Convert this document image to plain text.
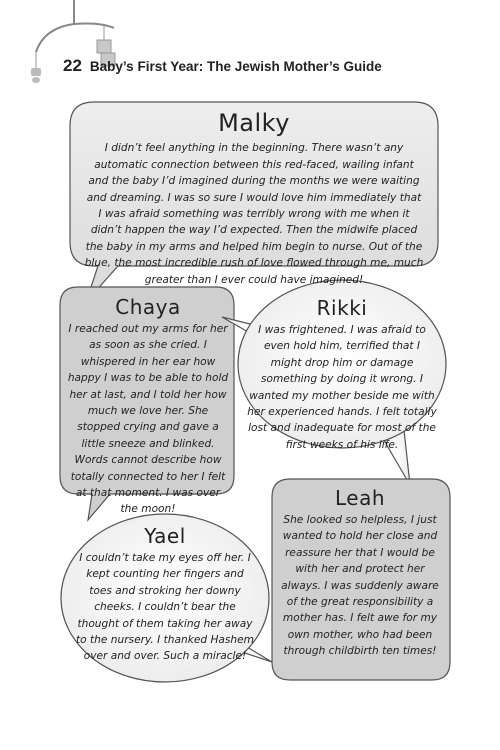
22 Baby’s First Year: The Jewish Mother’s Guide
Malky
I didn’t feel anything in the beginning. There wasn’t any automatic connection between this red-faced, wailing infant and the baby I’d imagined during the months we were waiting and dreaming. I was so sure I would love him immediately that I was afraid something was terribly wrong with me when it didn’t happen the way I’d expected. Then the midwife placed the baby in my arms and helped him begin to nurse. Out of the blue, the most incredible rush of love flowed through me, much greater than I ever could have imagined!
Chaya
I reached out my arms for her as soon as she cried. I whispered in her ear how happy I was to be able to hold her at last, and I told her how much we love her. She stopped crying and gave a little sneeze and blinked. Words cannot describe how totally connected to her I felt at that moment. I was over the moon!
Rikki
I was frightened. I was afraid to even hold him, terrified that I might drop him or damage something by doing it wrong. I wanted my mother beside me with her experienced hands. I felt totally lost and inadequate for most of the first weeks of his life.
Leah
She looked so helpless, I just wanted to hold her close and reassure her that I would be with her and protect her always. I was suddenly aware of the great responsibility a mother has. I felt awe for my own mother, who had been through childbirth ten times!
Yael
I couldn’t take my eyes off her. I kept counting her fingers and toes and stroking her downy cheeks. I couldn’t bear the thought of them taking her away to the nursery. I thanked Hashem over and over. Such a miracle!
